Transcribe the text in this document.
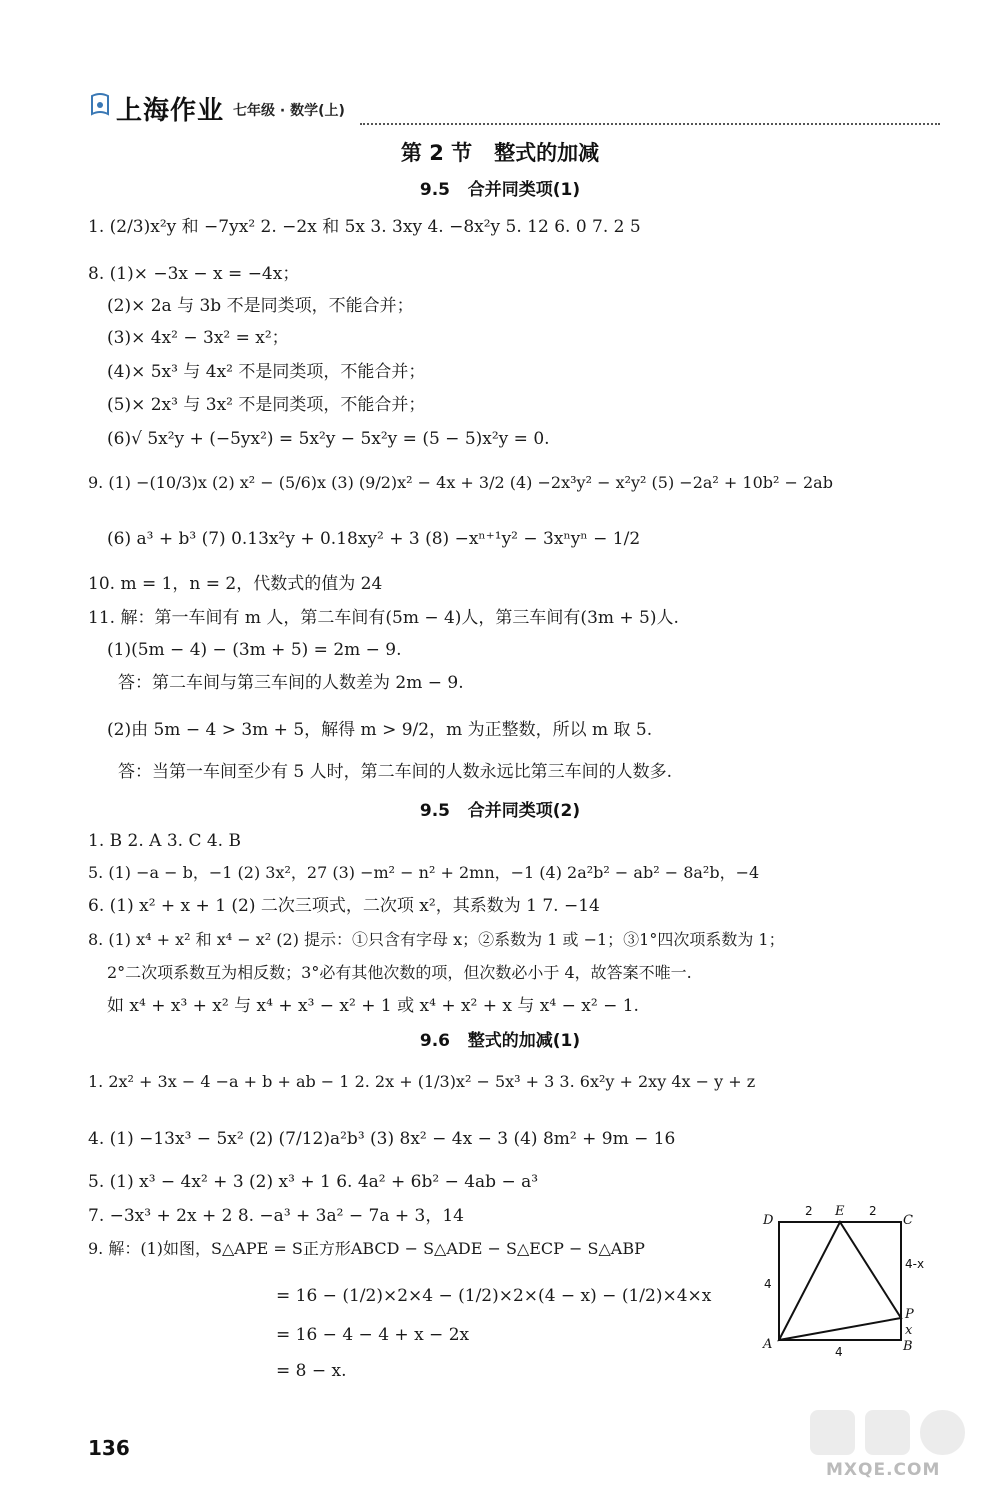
上海作业 七年级 · 数学(上)
第 2 节   整式的加减
9.5   合并同类项(1)
9.5   合并同类项(2)
9.6   整式的加减(1)
1. (2/3)x²y 和 −7yx² 2. −2x 和 5x 3. 3xy 4. −8x²y 5. 12 6. 0 7. 2 5
8. (1)× −3x − x = −4x；
(2)× 2a 与 3b 不是同类项，不能合并；
(3)× 4x² − 3x² = x²；
(4)× 5x³ 与 4x² 不是同类项，不能合并；
(5)× 2x³ 与 3x² 不是同类项，不能合并；
(6)√ 5x²y + (−5yx²) = 5x²y − 5x²y = (5 − 5)x²y = 0.
9. (1) −(10/3)x (2) x² − (5/6)x (3) (9/2)x² − 4x + 3/2 (4) −2x³y² − x²y² (5) −2a² + 10b² − 2ab
(6) a³ + b³ (7) 0.13x²y + 0.18xy² + 3 (8) −xⁿ⁺¹y² − 3xⁿyⁿ − 1/2
10. m = 1，n = 2，代数式的值为 24
11. 解：第一车间有 m 人，第二车间有(5m − 4)人，第三车间有(3m + 5)人.
(1)(5m − 4) − (3m + 5) = 2m − 9.
答：第二车间与第三车间的人数差为 2m − 9.
(2)由 5m − 4 > 3m + 5，解得 m > 9/2，m 为正整数，所以 m 取 5.
答：当第一车间至少有 5 人时，第二车间的人数永远比第三车间的人数多.
1. B 2. A 3. C 4. B
5. (1) −a − b，−1 (2) 3x²，27 (3) −m² − n² + 2mn，−1 (4) 2a²b² − ab² − 8a²b，−4
6. (1) x² + x + 1 (2) 二次三项式，二次项 x²，其系数为 1 7. −14
8. (1) x⁴ + x² 和 x⁴ − x² (2) 提示：①只含有字母 x；②系数为 1 或 −1；③1°四次项系数为 1；
2°二次项系数互为相反数；3°必有其他次数的项，但次数必小于 4，故答案不唯一.
如 x⁴ + x³ + x² 与 x⁴ + x³ − x² + 1 或 x⁴ + x² + x 与 x⁴ − x² − 1.
1. 2x² + 3x − 4 −a + b + ab − 1 2. 2x + (1/3)x² − 5x³ + 3 3. 6x²y + 2xy 4x − y + z
4. (1) −13x³ − 5x² (2) (7/12)a²b³ (3) 8x² − 4x − 3 (4) 8m² + 9m − 16
5. (1) x³ − 4x² + 3 (2) x³ + 1 6. 4a² + 6b² − 4ab − a³
7. −3x³ + 2x + 2 8. −a³ + 3a² − 7a + 3，14
9. 解：(1)如图，S△APE = S正方形ABCD − S△ADE − S△ECP − S△ABP
= 16 − (1/2)×2×4 − (1/2)×2×(4 − x) − (1/2)×4×x
= 16 − 4 − 4 + x − 2x
= 8 − x.
D
E
C
A	B
P
x
2	2
4-x
4
4
136
MXQE.COM
